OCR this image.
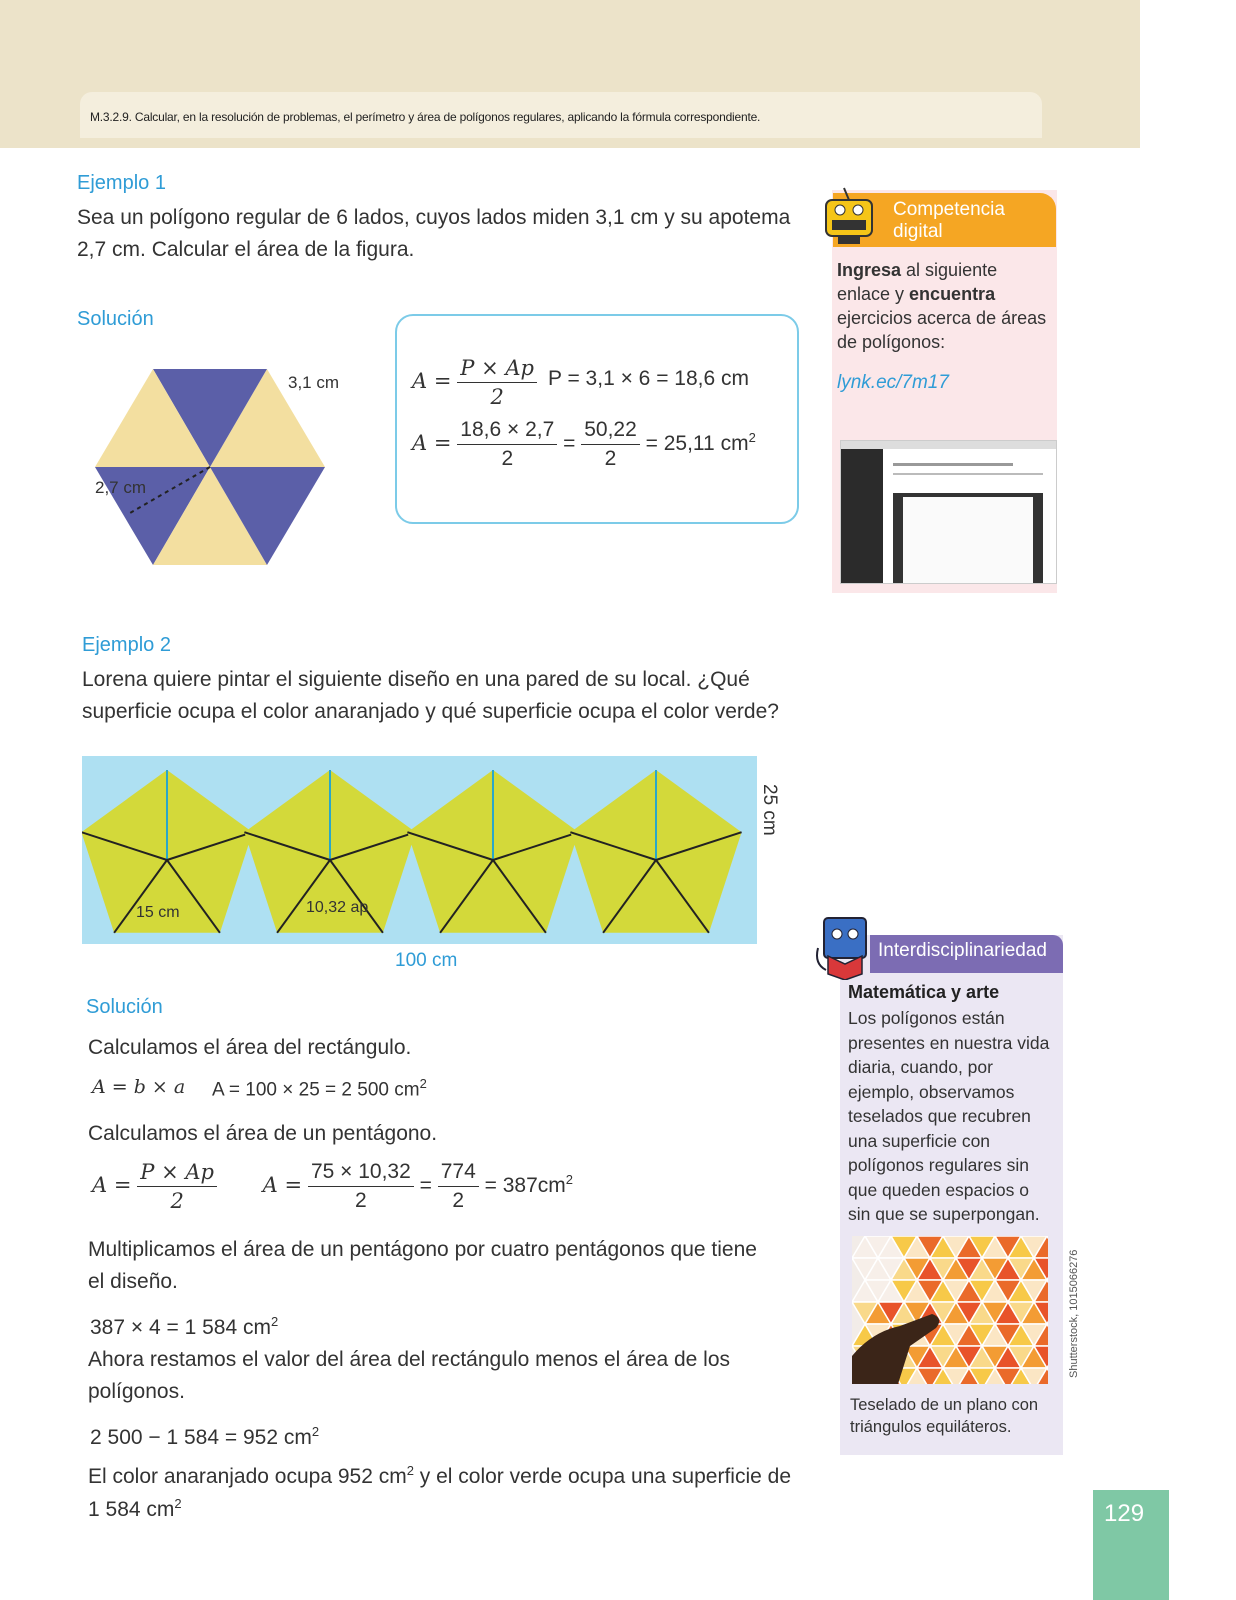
M.3.2.9. Calcular, en la resolución de problemas, el perímetro y área de polígonos regulares, aplicando la fórmula correspondiente.
Ejemplo 1
Sea un polígono regular de 6 lados, cuyos lados miden 3,1 cm y su apotema
2,7 cm. Calcular el área de la figura.
Solución
3,1 cm
2,7 cm
$A = \frac{P \times Ap}{2}$ P = 3,1 × 6 = 18,6 cm
$A = \frac{18,6 \times 2,7}{2} = \frac{50,22}{2} = 25,11$ $cm^2$
Competencia
digital
Ingresa al siguiente enlace y encuentra ejercicios acerca de áreas de polígonos:
lynk.ec/7m17
Ejemplo 2
Lorena quiere pintar el siguiente diseño en una pared de su local. ¿Qué
superficie ocupa el color anaranjado y qué superficie ocupa el color verde?
15 cm	10,32 ap
25 cm
100 cm
Solución
Calculamos el área del rectángulo.
A = b × a A = 100 × 25 = 2 500 $cm^2$
Calculamos el área de un pentágono.
$A = \frac{P \times Ap}{2}$ $A = \frac{75 \times 10,32}{2} = \frac{774}{2} = 387cm^2$
Multiplicamos el área de un pentágono por cuatro pentágonos que tiene
el diseño.
387 × 4 = 1 584 $cm^2$
Ahora restamos el valor del área del rectángulo menos el área de los
polígonos.
2 500 − 1 584 = 952 $cm^2$
El color anaranjado ocupa 952 $cm^2$ y el color verde ocupa una superficie de
1 584 $cm^2$
Interdisciplinariedad
Matemática y arte
Los polígonos están presentes en nuestra vida diaria, cuando, por ejemplo, observamos teselados que recubren una superficie con polígonos regulares sin que queden espacios o sin que se superpongan.
Teselado de un plano con triángulos equiláteros.
Shutterstock, 1015066276
129
